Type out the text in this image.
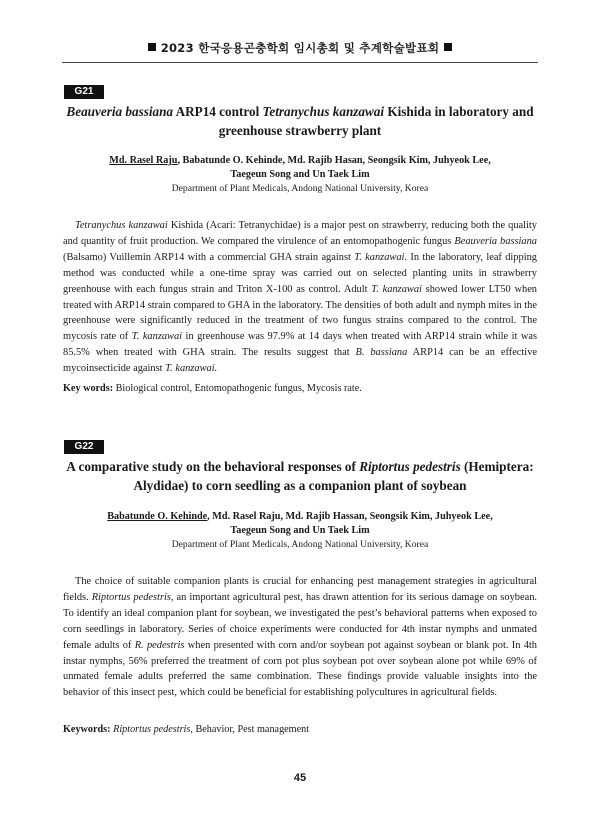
2023 한국응용곤충학회 임시총회 및 추계학술발표회
G21
Beauveria bassiana ARP14 control Tetranychus kanzawai Kishida in laboratory and greenhouse strawberry plant
Md. Rasel Raju, Babatunde O. Kehinde, Md. Rajib Hasan, Seongsik Kim, Juhyeok Lee,
Taegeun Song and Un Taek Lim
Department of Plant Medicals, Andong National University, Korea
Tetranychus kanzawai Kishida (Acari: Tetranychidae) is a major pest on strawberry, reducing both the quality and quantity of fruit production. We compared the virulence of an entomopathogenic fungus Beauveria bassiana (Balsamo) Vuillemin ARP14 with a commercial GHA strain against T. kanzawai. In the laboratory, leaf dipping method was conducted while a one-time spray was carried out on selected planting units in strawberry greenhouse with each fungus strain and Triton X-100 as control. Adult T. kanzawai showed lower LT50 when treated with ARP14 strain compared to GHA in the laboratory. The densities of both adult and nymph mites in the greenhouse were significantly reduced in the treatment of two fungus strains compared to the control. The mycosis rate of T. kanzawai in greenhouse was 97.9% at 14 days when treated with ARP14 strain while it was 85.5% when treated with GHA strain. The results suggest that B. bassiana ARP14 can be an effective mycoinsecticide against T. kanzawai.
Key words: Biological control, Entomopathogenic fungus, Mycosis rate.
G22
A comparative study on the behavioral responses of Riptortus pedestris (Hemiptera: Alydidae) to corn seedling as a companion plant of soybean
Babatunde O. Kehinde, Md. Rasel Raju, Md. Rajib Hassan, Seongsik Kim, Juhyeok Lee,
Taegeun Song and Un Taek Lim
Department of Plant Medicals, Andong National University, Korea
The choice of suitable companion plants is crucial for enhancing pest management strategies in agricultural fields. Riptortus pedestris, an important agricultural pest, has drawn attention for its serious damage on soybean. To identify an ideal companion plant for soybean, we investigated the pest’s behavioral patterns when exposed to corn seedlings in laboratory. Series of choice experiments were conducted for 4th instar nymphs and unmated female adults of R. pedestris when presented with corn and/or soybean pot against soybean or blank pot. In 4th instar nymphs, 56% preferred the treatment of corn pot plus soybean pot over soybean alone pot while 69% of unmated female adults preferred the same combination. These findings provide valuable insights into the behavior of this insect pest, which could be beneficial for establishing polycultures in agricultural fields.
Keywords: Riptortus pedestris, Behavior, Pest management
45
